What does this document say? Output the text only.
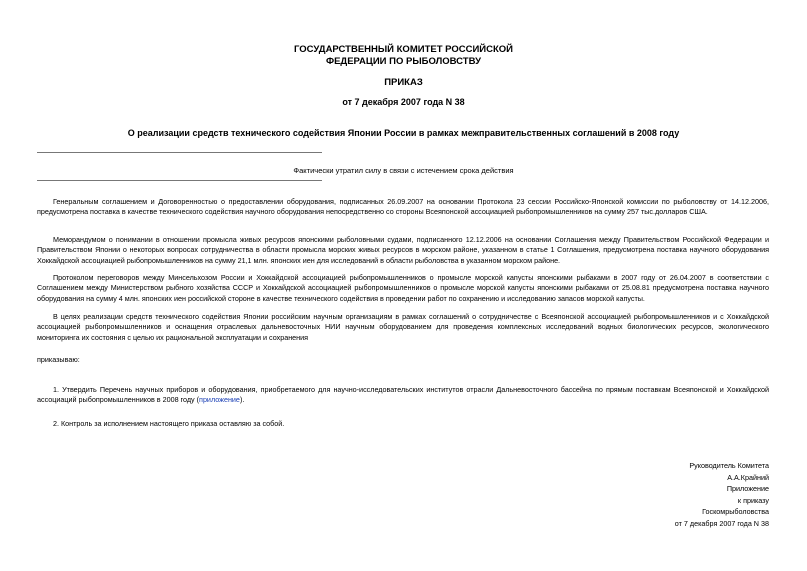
ГОСУДАРСТВЕННЫЙ КОМИТЕТ РОССИЙСКОЙ
ФЕДЕРАЦИИ ПО РЫБОЛОВСТВУ
ПРИКАЗ
от 7 декабря 2007 года N 38
О реализации средств технического содействия Японии России в рамках межправительственных соглашений в 2008 году
Фактически утратил силу в связи с истечением срока действия
Генеральным соглашением и Договоренностью о предоставлении оборудования, подписанных 26.09.2007 на основании Протокола 23 сессии Российско-Японской комиссии по рыболовству от 14.12.2006, предусмотрена поставка в качестве технического содействия научного оборудования непосредственно со стороны Всеяпонской ассоциацией рыбопромышленников на сумму 257 тыс.долларов США.
Меморандумом о понимании в отношении промысла живых ресурсов японскими рыболовными судами, подписанного 12.12.2006 на основании Соглашения между Правительством Российской Федерации и Правительством Японии о некоторых вопросах сотрудничества в области промысла морских живых ресурсов в морском районе, указанном в статье 1 Соглашения, предусмотрена поставка научного оборудования Хоккайдской ассоциацией рыбопромышленников на сумму 21,1 млн. японских иен для исследований в области рыболовства в указанном морском районе.
Протоколом переговоров между Минсельхозом России и Хоккайдской ассоциацией рыбопромышленников о промысле морской капусты японскими рыбаками в 2007 году от 26.04.2007 в соответствии с Соглашением между Министерством рыбного хозяйства СССР и Хоккайдской ассоциацией рыбопромышленников о промысле морской капусты японскими рыбаками от 25.08.81 предусмотрена поставка научного оборудования на сумму 4 млн. японских иен российской стороне в качестве технического содействия в проведении работ по сохранению и исследованию запасов морской капусты.
В целях реализации средств технического содействия Японии российским научным организациям в рамках соглашений о сотрудничестве с Всеяпонской ассоциацией рыбопромышленников и с Хоккайдской ассоциацией рыбопромышленников и оснащения отраслевых дальневосточных НИИ научным оборудованием для проведения комплексных исследований водных биологических ресурсов, экологического мониторинга их состояния с целью их рациональной эксплуатации и сохранения
приказываю:
1. Утвердить Перечень научных приборов и оборудования, приобретаемого для научно-исследовательских институтов отрасли Дальневосточного бассейна по прямым поставкам Всеяпонской и Хоккайдской ассоциаций рыбопромышленников в 2008 году (приложение).
2. Контроль за исполнением настоящего приказа оставляю за собой.
Руководитель Комитета
А.А.Крайний
Приложение
к приказу
Госкомрыболовства
от 7 декабря 2007 года N 38
